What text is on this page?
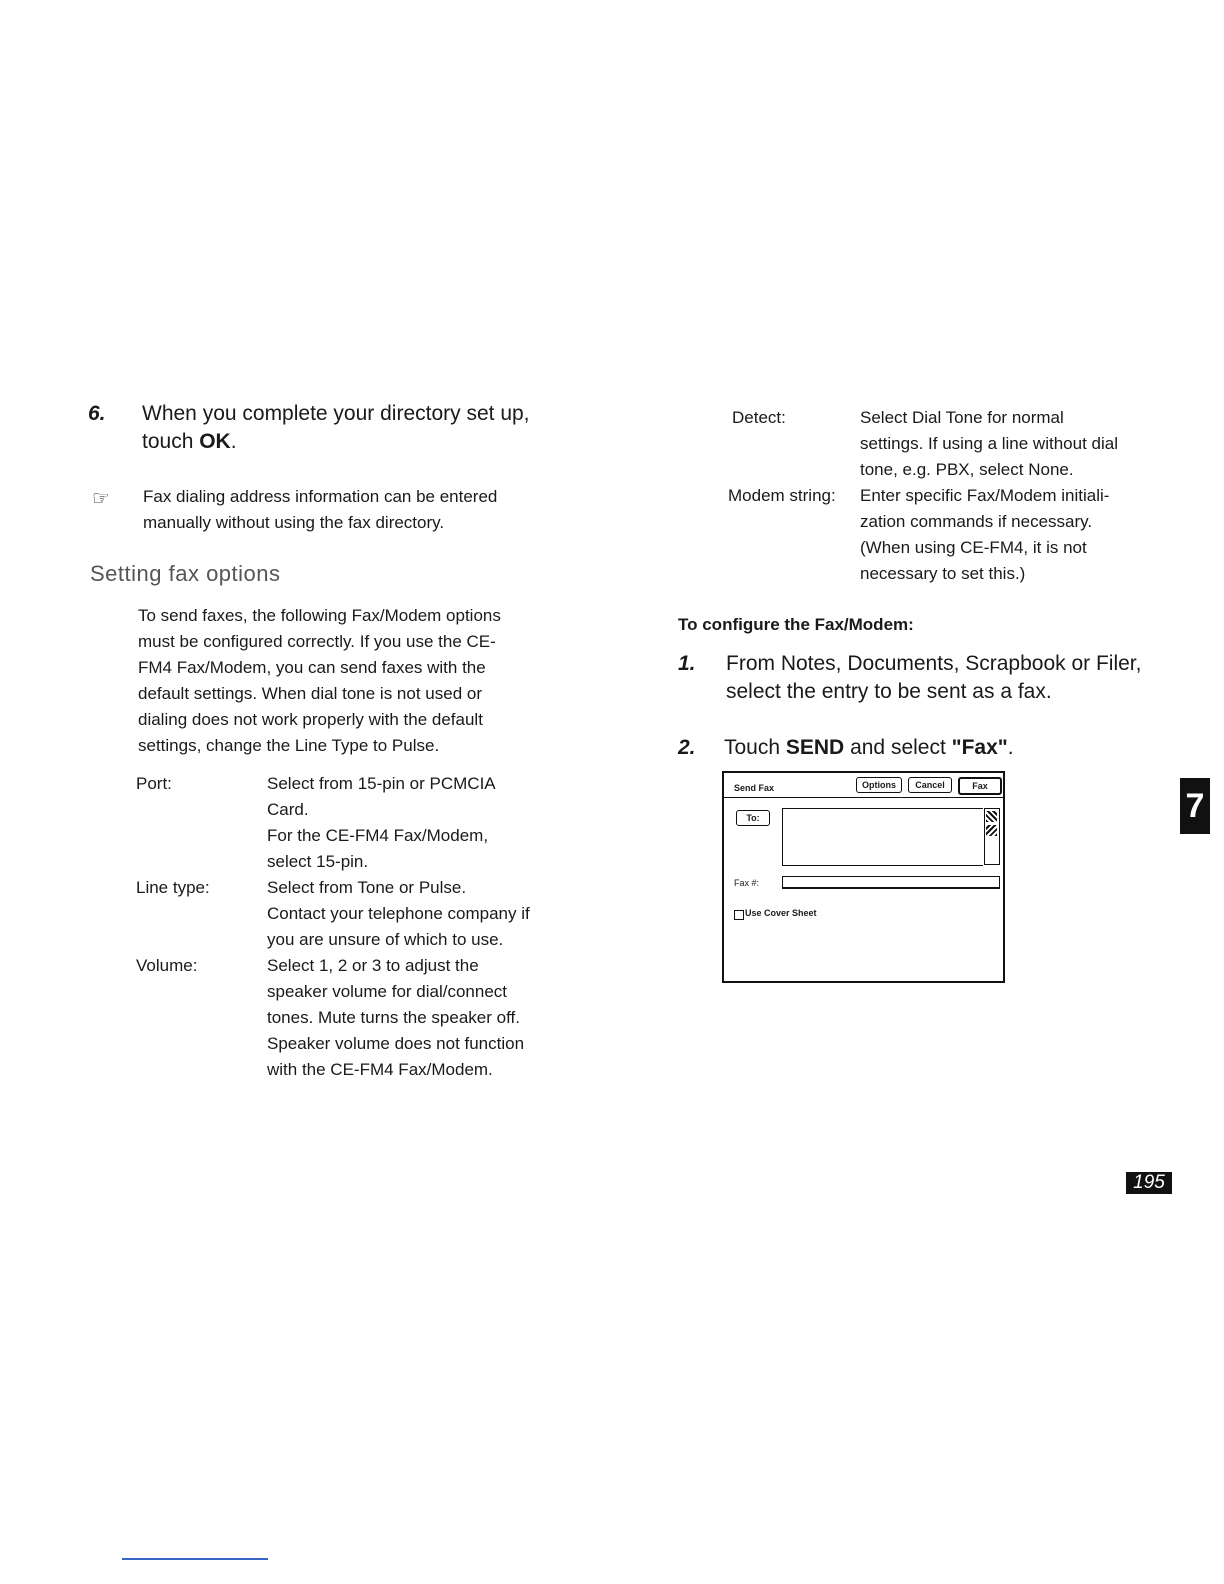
6. When you complete your directory set up,
touch OK.
☞ Fax dialing address information can be entered
manually without using the fax directory.
Setting fax options
To send faxes, the following Fax/Modem options
must be configured correctly. If you use the CE-
FM4 Fax/Modem, you can send faxes with the
default settings. When dial tone is not used or
dialing does not work properly with the default
settings, change the Line Type to Pulse.
Port:	Select from 15-pin or PCMCIA
Card.
For the CE-FM4 Fax/Modem,
select 15-pin.
Line type:	Select from Tone or Pulse.
Contact your telephone company if
you are unsure of which to use.
Volume:	Select 1, 2 or 3 to adjust the
speaker volume for dial/connect
tones. Mute turns the speaker off.
Speaker volume does not function
with the CE-FM4 Fax/Modem.
Detect:	Select Dial Tone for normal
settings. If using a line without dial
tone, e.g. PBX, select None.
Modem string: Enter specific Fax/Modem initiali-
zation commands if necessary.
(When using CE-FM4, it is not
necessary to set this.)
To configure the Fax/Modem:
1. From Notes, Documents, Scrapbook or Filer,
select the entry to be sent as a fax.
2. Touch SEND and select "Fax".
Send Fax	Options	Cancel	Fax
To:
Fax #:
Use Cover Sheet
7
195
